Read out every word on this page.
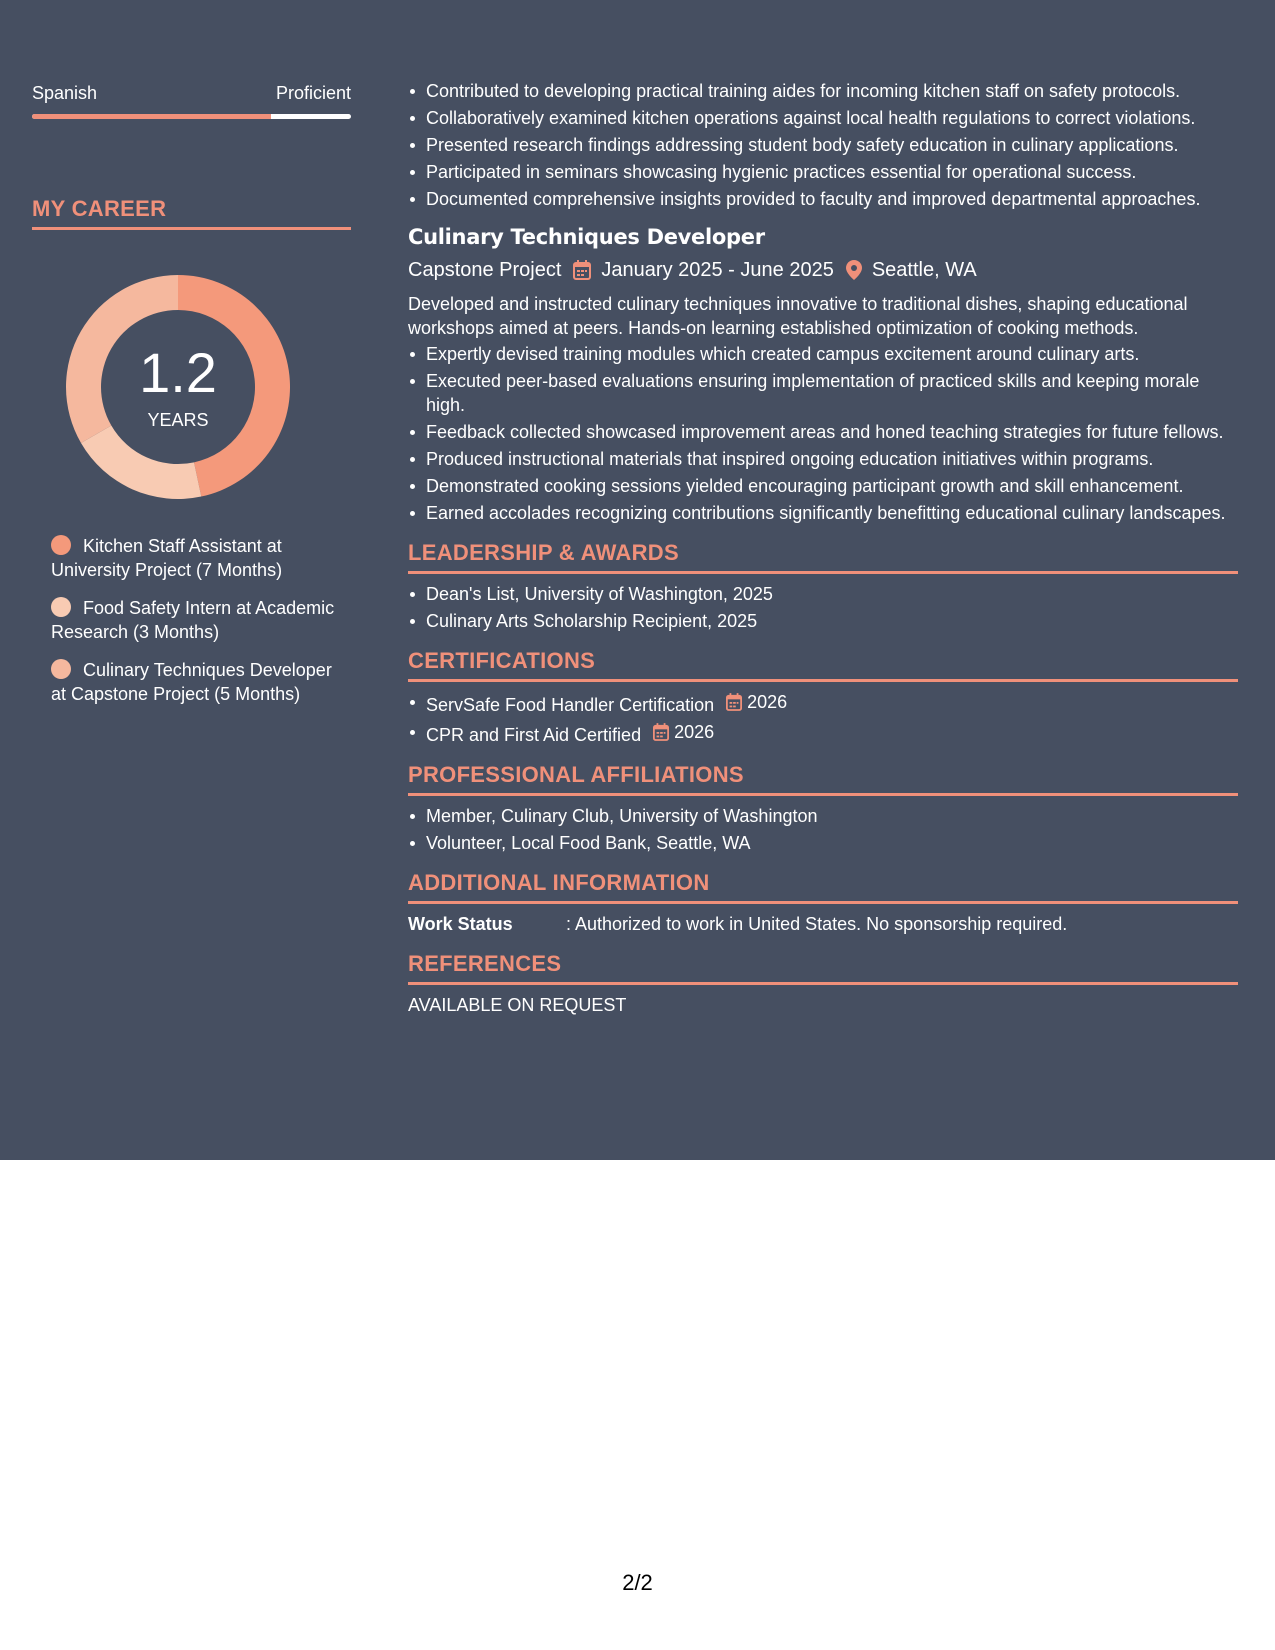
Spanish	Proficient
MY CAREER
1.2
YEARS
Kitchen Staff Assistant at University Project (7 Months)
Food Safety Intern at Academic Research (3 Months)
Culinary Techniques Developer at Capstone Project (5 Months)
Contributed to developing practical training aides for incoming kitchen staff on safety protocols.
Collaboratively examined kitchen operations against local health regulations to correct violations.
Presented research findings addressing student body safety education in culinary applications.
Participated in seminars showcasing hygienic practices essential for operational success.
Documented comprehensive insights provided to faculty and improved departmental approaches.
Culinary Techniques Developer
Capstone Project January 2025 - June 2025 Seattle, WA
Developed and instructed culinary techniques innovative to traditional dishes, shaping educational workshops aimed at peers. Hands-on learning established optimization of cooking methods.
Expertly devised training modules which created campus excitement around culinary arts.
Executed peer-based evaluations ensuring implementation of practiced skills and keeping morale high.
Feedback collected showcased improvement areas and honed teaching strategies for future fellows.
Produced instructional materials that inspired ongoing education initiatives within programs.
Demonstrated cooking sessions yielded encouraging participant growth and skill enhancement.
Earned accolades recognizing contributions significantly benefitting educational culinary landscapes.
LEADERSHIP & AWARDS
Dean's List, University of Washington, 2025
Culinary Arts Scholarship Recipient, 2025
CERTIFICATIONS
ServSafe Food Handler Certification 2026
CPR and First Aid Certified 2026
PROFESSIONAL AFFILIATIONS
Member, Culinary Club, University of Washington
Volunteer, Local Food Bank, Seattle, WA
ADDITIONAL INFORMATION
Work Status	: Authorized to work in United States. No sponsorship required.
REFERENCES
AVAILABLE ON REQUEST
2/2
